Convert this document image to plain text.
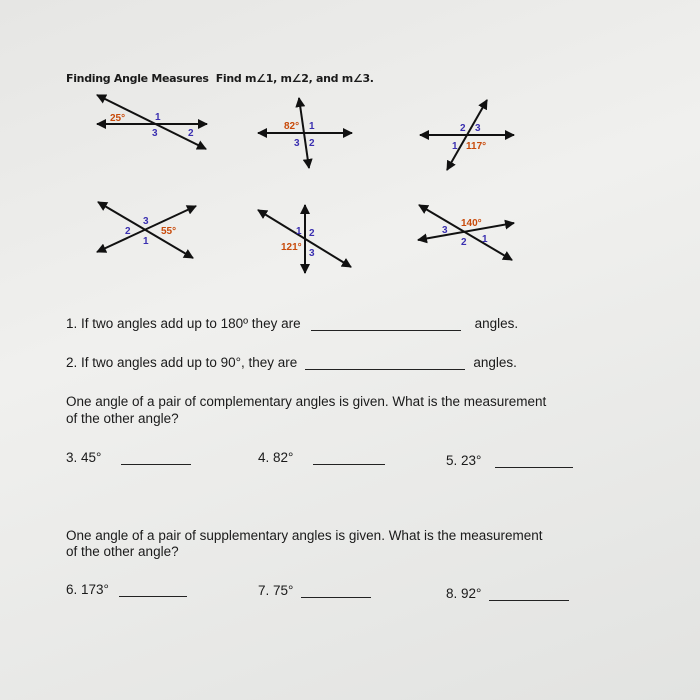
Finding Angle Measures Find m∠1, m∠2, and m∠3.
25°	1
2
3
82° 1
2
3	117°
1
2 3
55°
1
2
3
121°
1 2
3
140°
1
2
3
1. If two angles add up to 180º they are	angles.
2. If two angles add up to 90°, they are	angles.
One angle of a pair of complementary angles is given. What is the measurement
of the other angle?
3. 45°	4. 82°	5. 23°
One angle of a pair of supplementary angles is given. What is the measurement
of the other angle?
6. 173°	7. 75°	8. 92°
